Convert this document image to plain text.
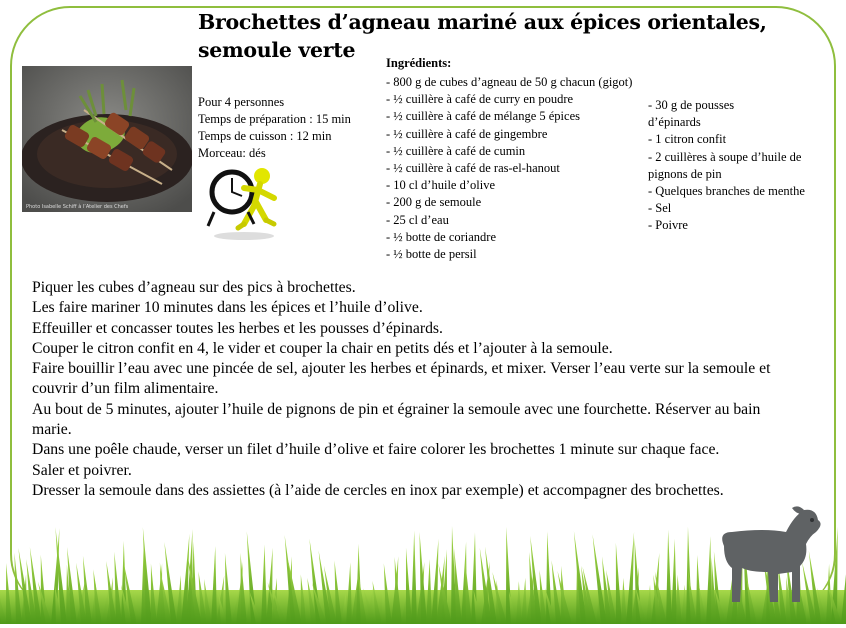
Brochettes d’agneau mariné aux épices orientales, semoule verte
Photo Isabelle Schiff à l’Atelier des Chefs
Pour 4 personnes
Temps de préparation : 15 min
Temps de cuisson : 12 min
Morceau: dés
Ingrédients:
- 800 g de cubes d’agneau de 50 g chacun (gigot)
- ½ cuillère à café de curry en poudre
- ½ cuillère à café de mélange 5 épices
- ½ cuillère à café de gingembre
- ½ cuillère à café de cumin
- ½ cuillère à café de ras-el-hanout
- 10 cl d’huile d’olive
- 200 g de semoule
- 25 cl d’eau
- ½ botte de coriandre
- ½ botte de persil
- 30 g de pousses d’épinards
- 1 citron confit
- 2 cuillères à soupe d’huile de pignons de pin
- Quelques branches de menthe
- Sel
- Poivre
Piquer les cubes d’agneau sur des pics à brochettes.
Les faire mariner 10 minutes dans les épices et l’huile d’olive.
Effeuiller et concasser toutes les herbes et les pousses d’épinards.
Couper le citron confit en 4, le vider et couper la chair en petits dés et l’ajouter à la semoule.
Faire bouillir l’eau avec une pincée de sel, ajouter les herbes et épinards, et mixer. Verser l’eau verte sur la semoule et couvrir d’un film alimentaire.
Au bout de 5 minutes, ajouter l’huile de pignons de pin et égrainer la semoule avec une fourchette. Réserver au bain marie.
Dans une poêle chaude, verser un filet d’huile d’olive et faire colorer les brochettes 1 minute sur chaque face.
Saler et poivrer.
Dresser la semoule dans des assiettes (à l’aide de cercles en inox par exemple) et accompagner des brochettes.
